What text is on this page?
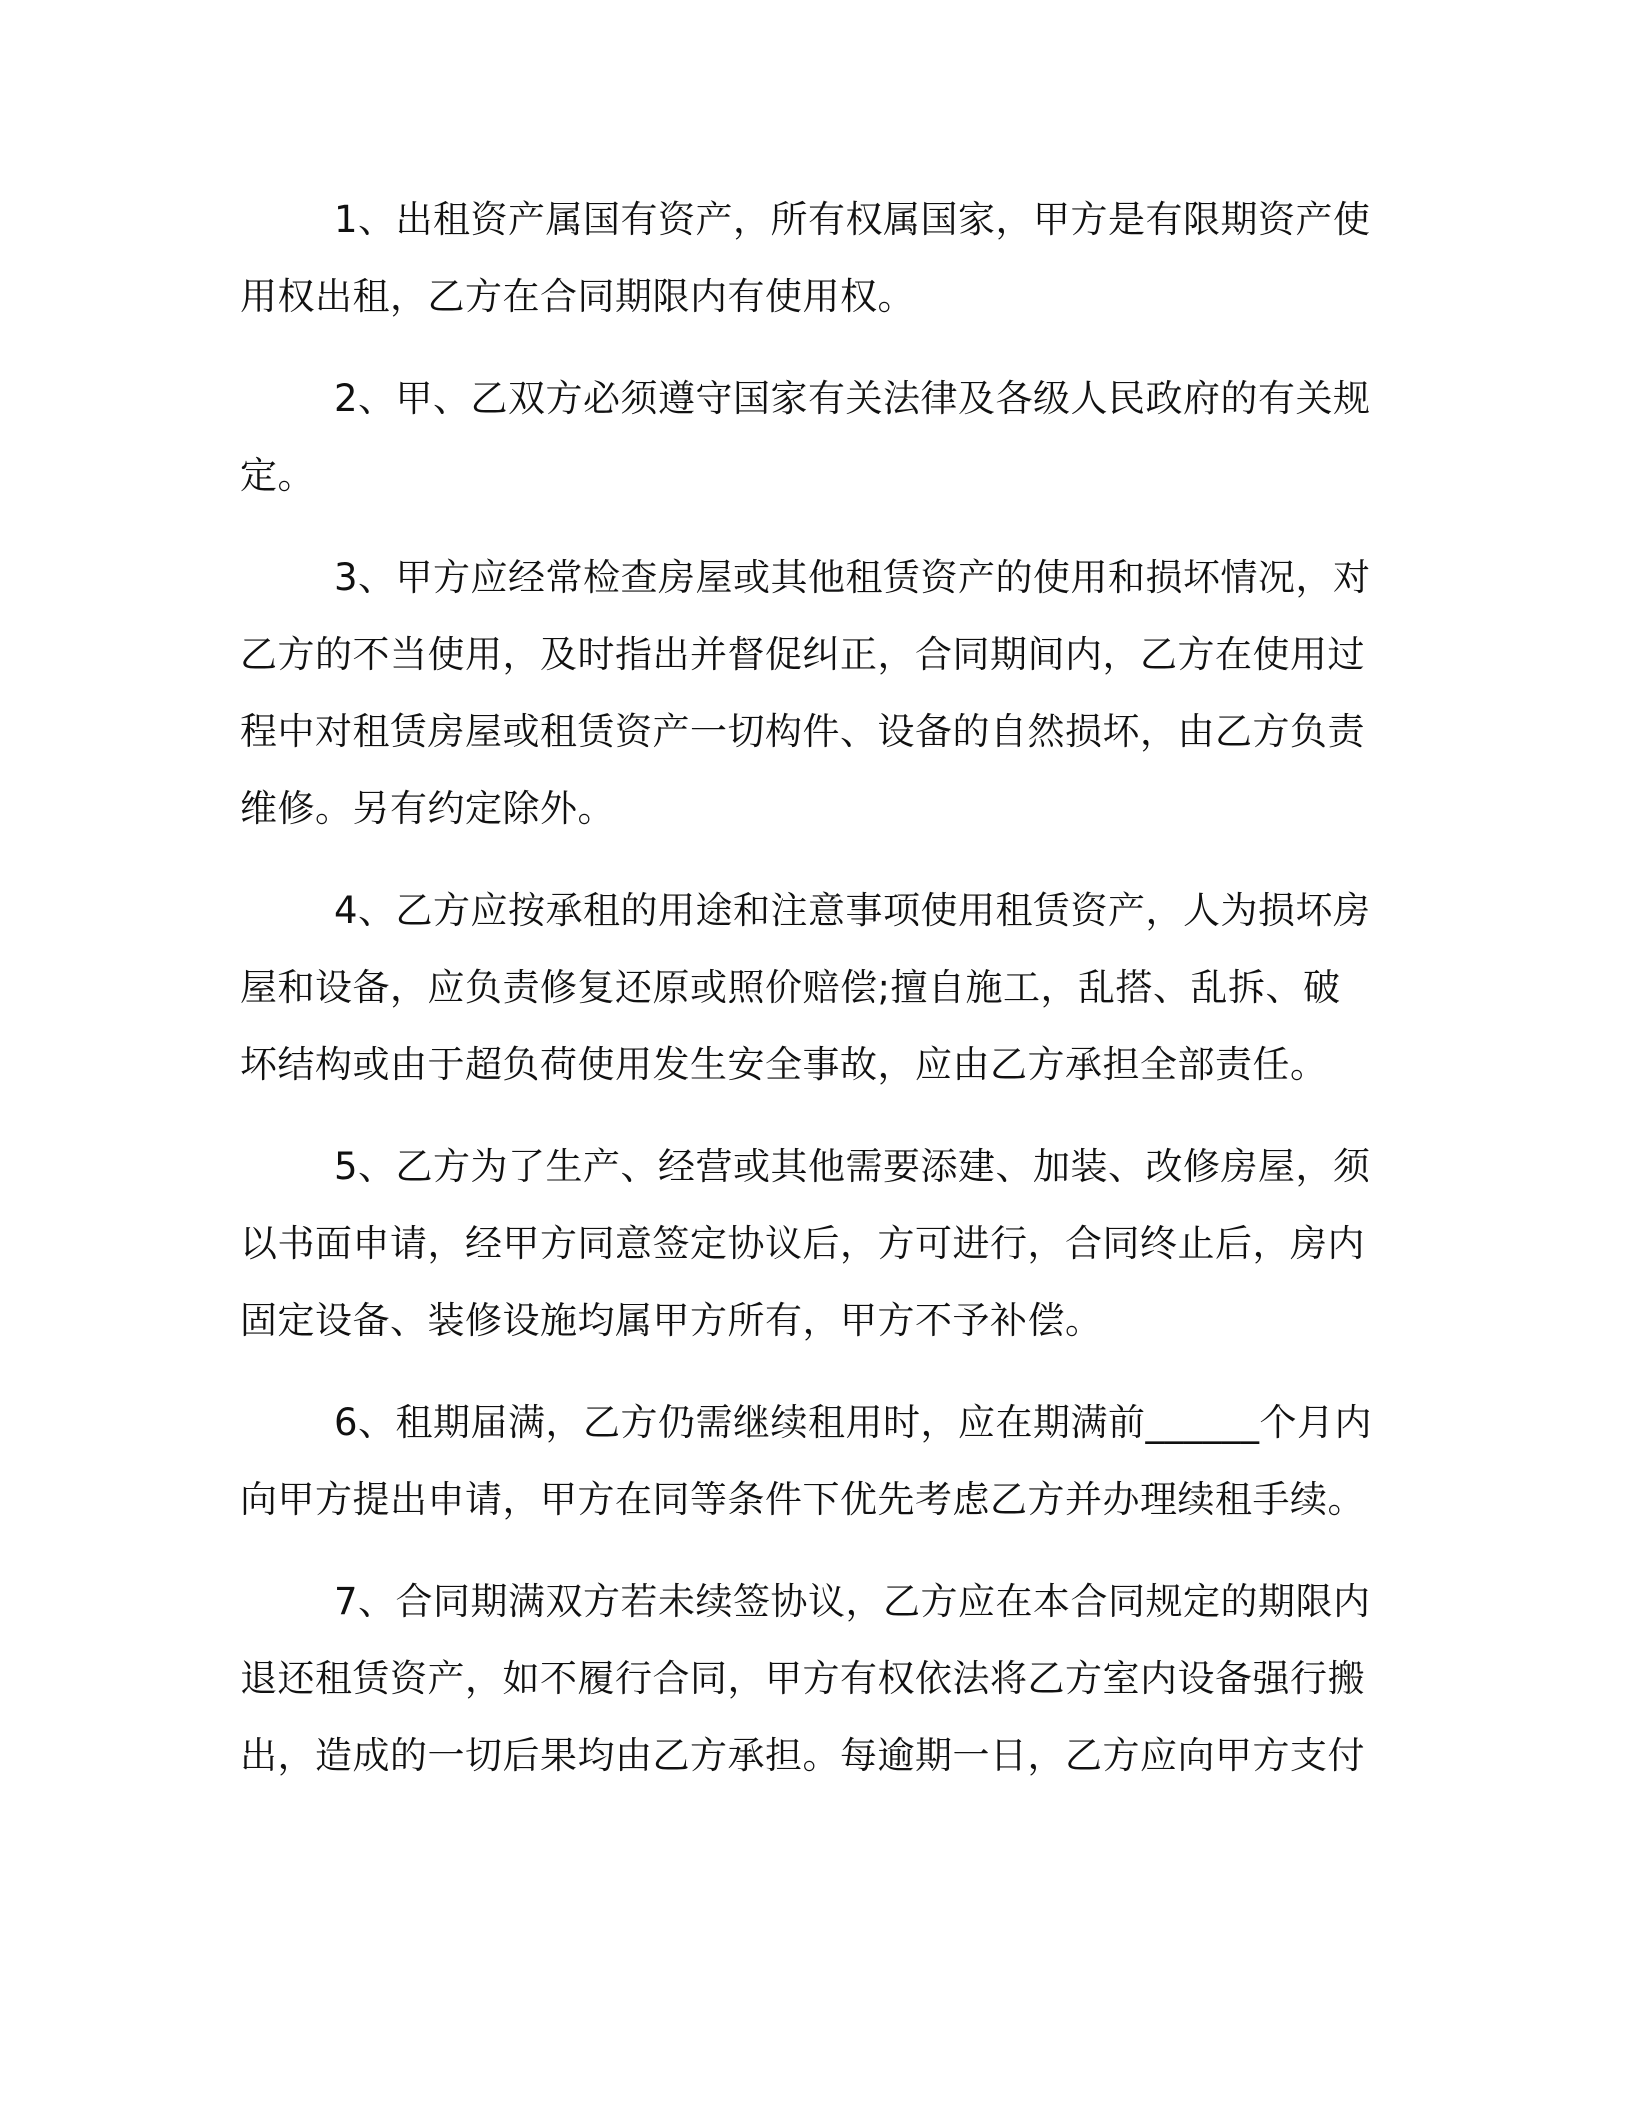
1、出租资产属国有资产，所有权属国家，甲方是有限期资产使用权出租，乙方在合同期限内有使用权。

2、甲、乙双方必须遵守国家有关法律及各级人民政府的有关规定。

3、甲方应经常检查房屋或其他租赁资产的使用和损坏情况，对乙方的不当使用，及时指出并督促纠正，合同期间内，乙方在使用过程中对租赁房屋或租赁资产一切构件、设备的自然损坏，由乙方负责维修。另有约定除外。

4、乙方应按承租的用途和注意事项使用租赁资产，人为损坏房屋和设备，应负责修复还原或照价赔偿;擅自施工，乱搭、乱拆、破坏结构或由于超负荷使用发生安全事故，应由乙方承担全部责任。

5、乙方为了生产、经营或其他需要添建、加装、改修房屋，须以书面申请，经甲方同意签定协议后，方可进行，合同终止后，房内固定设备、装修设施均属甲方所有，甲方不予补偿。

6、租期届满，乙方仍需继续租用时，应在期满前______个月内向甲方提出申请，甲方在同等条件下优先考虑乙方并办理续租手续。

7、合同期满双方若未续签协议，乙方应在本合同规定的期限内退还租赁资产，如不履行合同，甲方有权依法将乙方室内设备强行搬出，造成的一切后果均由乙方承担。每逾期一日，乙方应向甲方支付
